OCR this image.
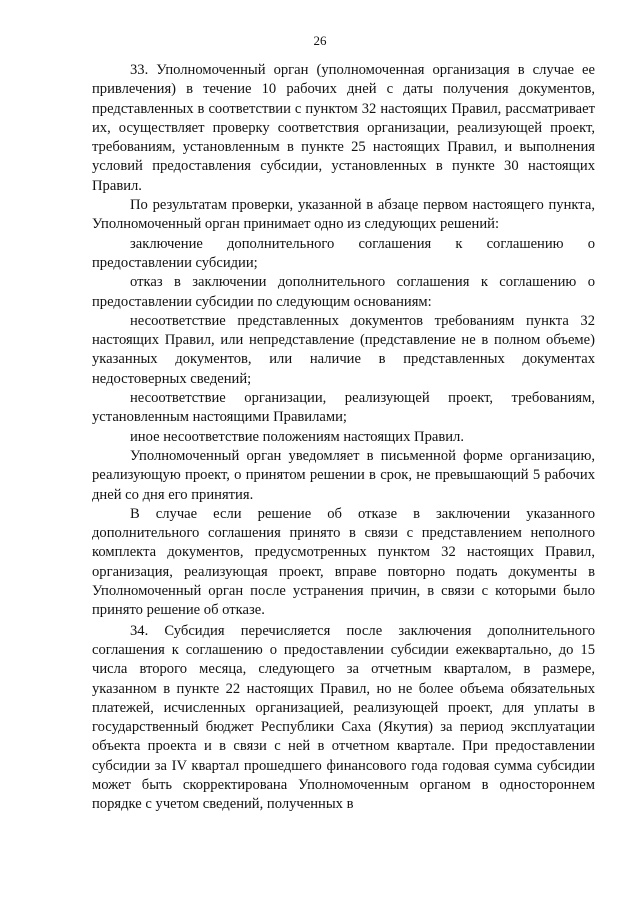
26

33. Уполномоченный орган (уполномоченная организация в случае ее привлечения) в течение 10 рабочих дней с даты получения документов, представленных в соответствии с пунктом 32 настоящих Правил, рассматривает их, осуществляет проверку соответствия организации, реализующей проект, требованиям, установленным в пункте 25 настоящих Правил, и выполнения условий предоставления субсидии, установленных в пункте 30 настоящих Правил.

По результатам проверки, указанной в абзаце первом настоящего пункта, Уполномоченный орган принимает одно из следующих решений:

заключение дополнительного соглашения к соглашению о предоставлении субсидии;

отказ в заключении дополнительного соглашения к соглашению о предоставлении субсидии по следующим основаниям:

несоответствие представленных документов требованиям пункта 32 настоящих Правил, или непредставление (представление не в полном объеме) указанных документов, или наличие в представленных документах недостоверных сведений;

несоответствие организации, реализующей проект, требованиям, установленным настоящими Правилами;

иное несоответствие положениям настоящих Правил.

Уполномоченный орган уведомляет в письменной форме организацию, реализующую проект, о принятом решении в срок, не превышающий 5 рабочих дней со дня его принятия.

В случае если решение об отказе в заключении указанного дополнительного соглашения принято в связи с представлением неполного комплекта документов, предусмотренных пунктом 32 настоящих Правил, организация, реализующая проект, вправе повторно подать документы в Уполномоченный орган после устранения причин, в связи с которыми было принято решение об отказе.

34. Субсидия перечисляется после заключения дополнительного соглашения к соглашению о предоставлении субсидии ежеквартально, до 15 числа второго месяца, следующего за отчетным кварталом, в размере, указанном в пункте 22 настоящих Правил, но не более объема обязательных платежей, исчисленных организацией, реализующей проект, для уплаты в государственный бюджет Республики Саха (Якутия) за период эксплуатации объекта проекта и в связи с ней в отчетном квартале. При предоставлении субсидии за IV квартал прошедшего финансового года годовая сумма субсидии может быть скорректирована Уполномоченным органом в одностороннем порядке с учетом сведений, полученных в
